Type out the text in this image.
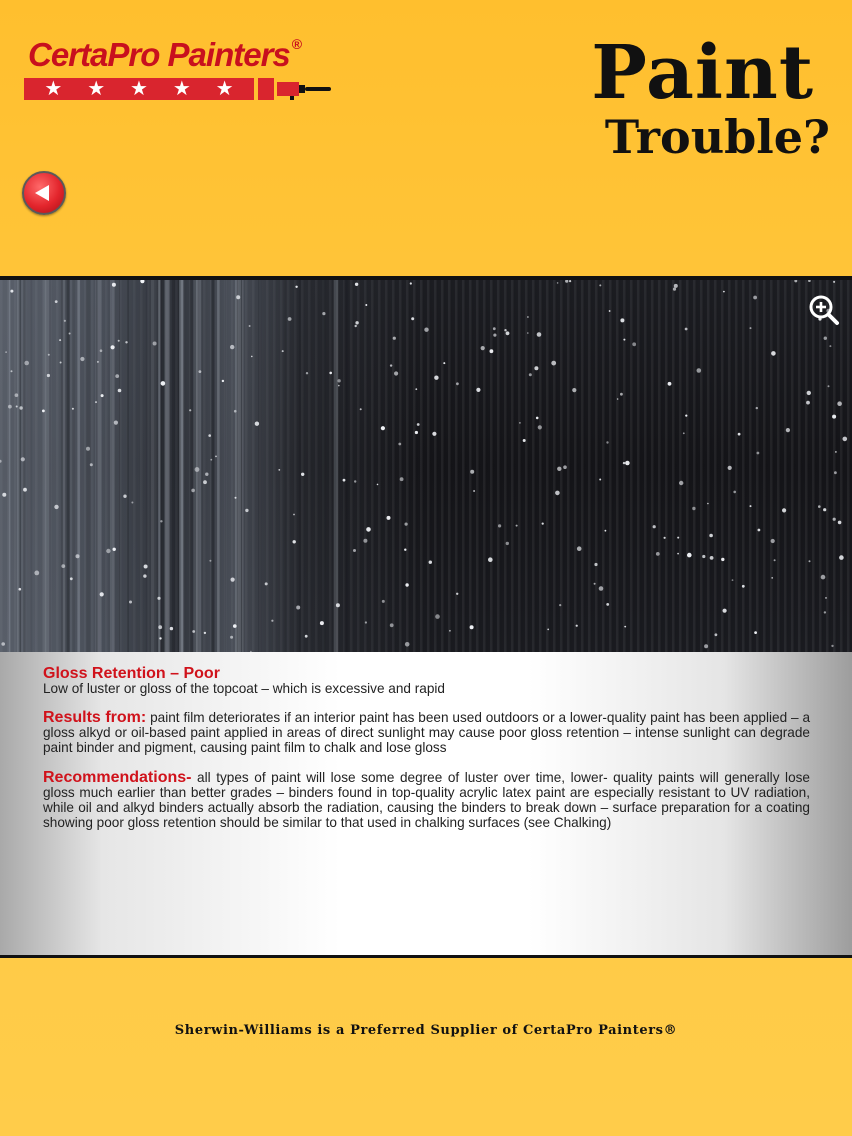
CertaPro Painters ®
★ ★ ★ ★ ★	Paint
Trouble?
Gloss Retention – Poor
Low of luster or gloss of the topcoat – which is excessive and rapid
Results from: paint film deteriorates if an interior paint has been used outdoors or a lower-quality paint has been applied – a gloss alkyd or oil-based paint applied in areas of direct sunlight may cause poor gloss retention – intense sunlight can degrade paint binder and pigment, causing paint film to chalk and lose gloss
Recommendations- all types of paint will lose some degree of luster over time, lower- quality paints will generally lose gloss much earlier than better grades – binders found in top-quality acrylic latex paint are especially resistant to UV radiation, while oil and alkyd binders actually absorb the radiation, causing the binders to break down – surface preparation for a coating showing poor gloss retention should be similar to that used in chalking surfaces (see Chalking)
Sherwin-Williams is a Preferred Supplier of CertaPro Painters®
